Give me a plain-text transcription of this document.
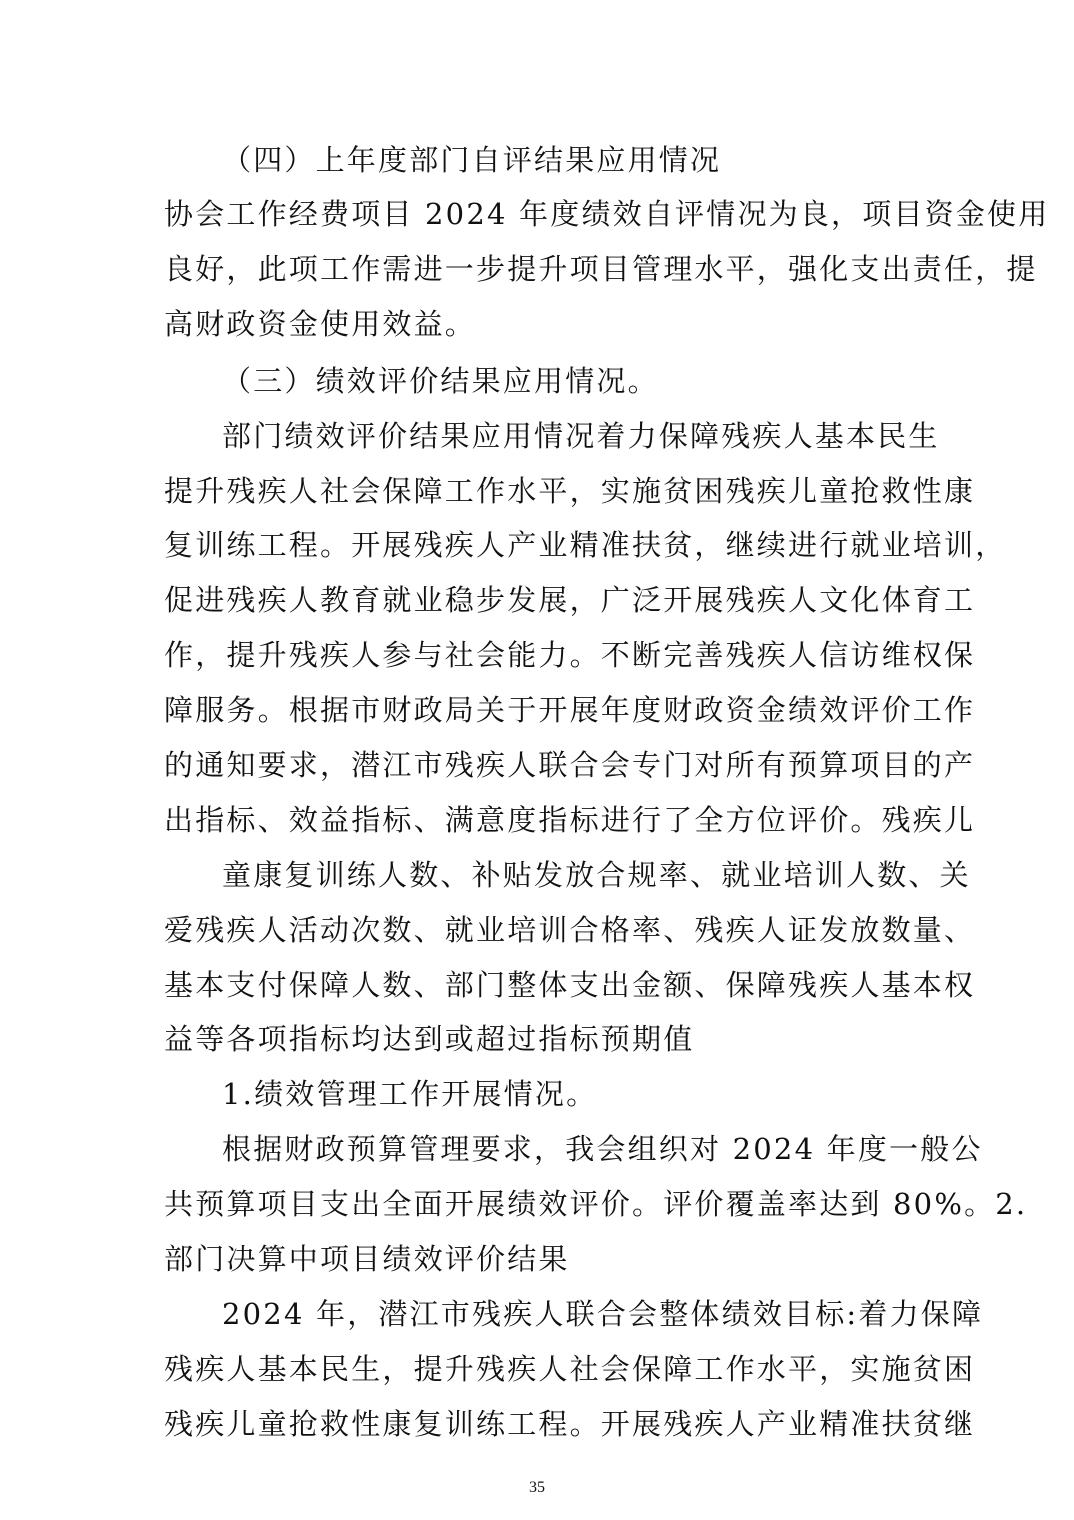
（四）上年度部门自评结果应用情况
协会工作经费项目 2024 年度绩效自评情况为良，项目资金使用
良好，此项工作需进一步提升项目管理水平，强化支出责任，提
高财政资金使用效益。
（三）绩效评价结果应用情况。
部门绩效评价结果应用情况着力保障残疾人基本民生
提升残疾人社会保障工作水平，实施贫困残疾儿童抢救性康
复训练工程。开展残疾人产业精准扶贫，继续进行就业培训，
促进残疾人教育就业稳步发展，广泛开展残疾人文化体育工
作，提升残疾人参与社会能力。不断完善残疾人信访维权保
障服务。根据市财政局关于开展年度财政资金绩效评价工作
的通知要求，潜江市残疾人联合会专门对所有预算项目的产
出指标、效益指标、满意度指标进行了全方位评价。残疾儿
童康复训练人数、补贴发放合规率、就业培训人数、关
爱残疾人活动次数、就业培训合格率、残疾人证发放数量、
基本支付保障人数、部门整体支出金额、保障残疾人基本权
益等各项指标均达到或超过指标预期值
1.绩效管理工作开展情况。
根据财政预算管理要求，我会组织对 2024 年度一般公
共预算项目支出全面开展绩效评价。评价覆盖率达到 80%。2.
部门决算中项目绩效评价结果
2024 年，潜江市残疾人联合会整体绩效目标:着力保障
残疾人基本民生，提升残疾人社会保障工作水平，实施贫困
残疾儿童抢救性康复训练工程。开展残疾人产业精准扶贫继
35
